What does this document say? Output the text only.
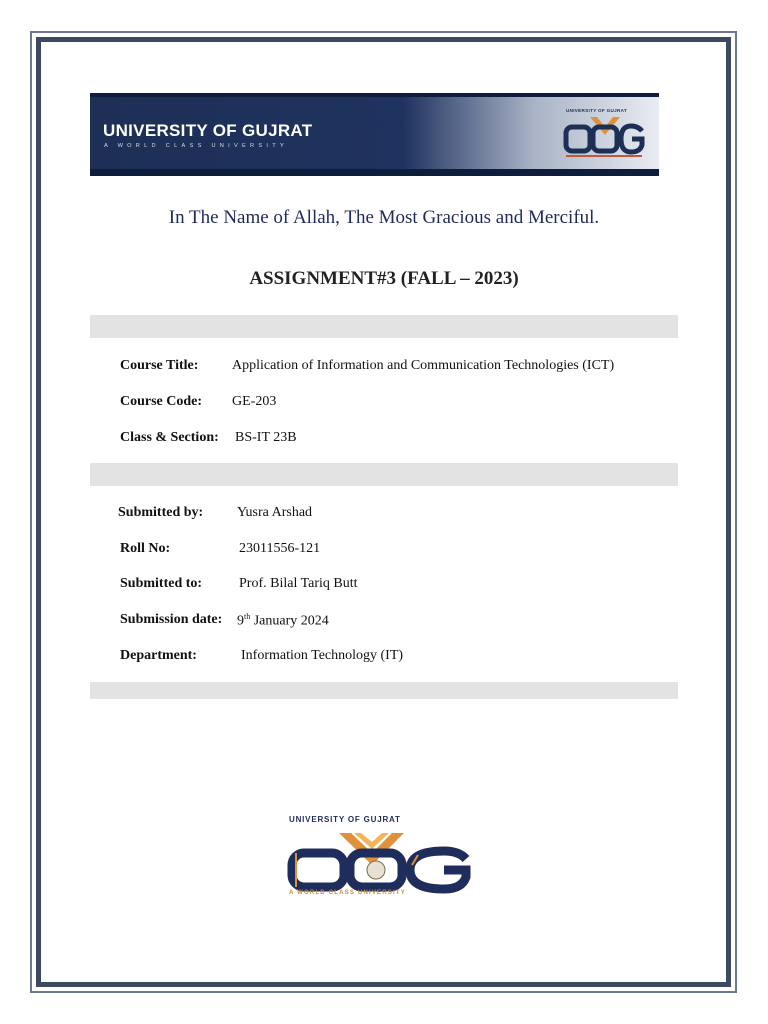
UNIVERSITY OF GUJRAT
A WORLD CLASS UNIVERSITY
UNIVERSITY OF GUJRAT
In The Name of Allah, The Most Gracious and Merciful.
ASSIGNMENT#3 (FALL – 2023)
Course Title: Application of Information and Communication Technologies (ICT)
Course Code: GE-203
Class & Section: BS-IT 23B
Submitted by: Yusra Arshad
Roll No:	23011556-121
Submitted to:	Prof. Bilal Tariq Butt
Submission date: 9th January 2024
Department:	Information Technology (IT)
UNIVERSITY OF GUJRAT
A WORLD CLASS UNIVERSITY
